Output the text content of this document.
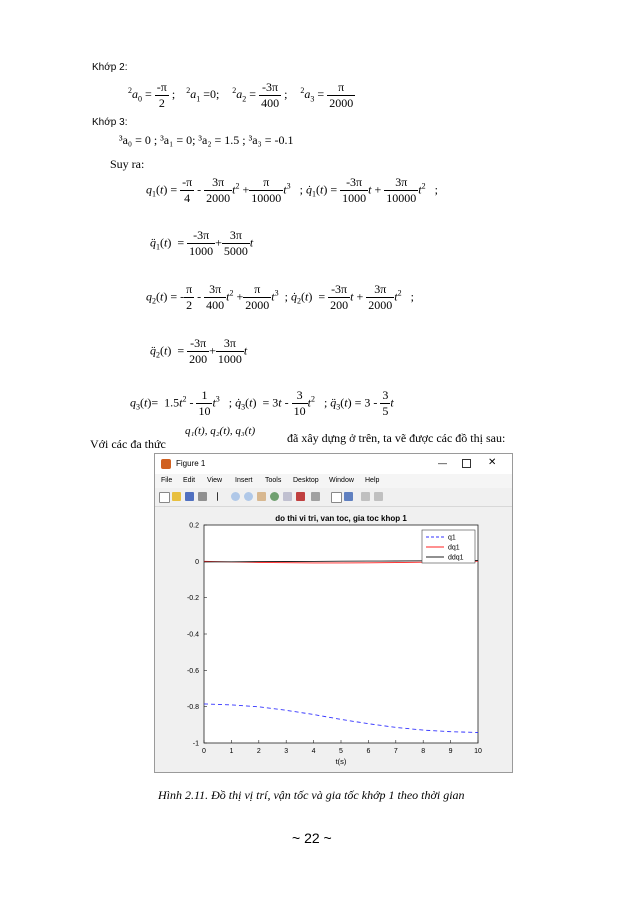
Khớp 2:
$^2a_0 = \frac{-\pi}{2}$ ; $^2a_1 =0$; $^2a_2 = \frac{-3\pi}{400}$ ; $^2a_3 = \frac{\pi}{2000}$
Khớp 3:
³a₀ = 0 ; ³a₁ = 0; ³a₂ = 1.5 ; ³a₃ = -0.1
Suy ra:
$q_1(t) = \frac{-\pi}{4} - \frac{3\pi}{2000} t^2 + \frac{\pi}{10000} t^3$   ; $q̇_1(t) = \frac{-3\pi}{1000}$ $t + \frac{3\pi}{10000} t^2$   ;
$q̈_1(t) = \frac{-3\pi}{1000} + \frac{3\pi}{5000}$ t
$q_2(t)$ = - $\frac{\pi}{2} - \frac{3\pi}{400} t^2 + \frac{\pi}{2000} t^3$  ; $q̇_2(t) = \frac{-3\pi}{200}$ $t + \frac{3\pi}{2000} t^2$   ;
$q̈_2(t) = \frac{-3\pi}{200} + \frac{3\pi}{1000}$ t
$q_3(t)= 1.5t^2 - \frac{1}{10} t^3$   ; $q̇_3(t) = 3t - \frac{3}{10} t^2$   ; $q̈_3(t) = 3 - \frac{3}{5}$ t
Với các đa thức
q₁(t), q₂(t), q₃(t)	đã xây dựng ở trên, ta vẽ được các đồ thị sau:
Figure 1	—	✕
File Edit View Insert Tools Desktop Window Help
do thi vi tri, van toc, gia toc khop 1
0	1	2	3	4	5	6	7	8	9	10
0.2
0
-0.2
-0.4
-0.6
-0.8
-1
t(s)
q1
dq1
ddq1
Hình 2.11. Đồ thị vị trí, vận tốc và gia tốc khớp 1 theo thời gian
~ 22 ~
